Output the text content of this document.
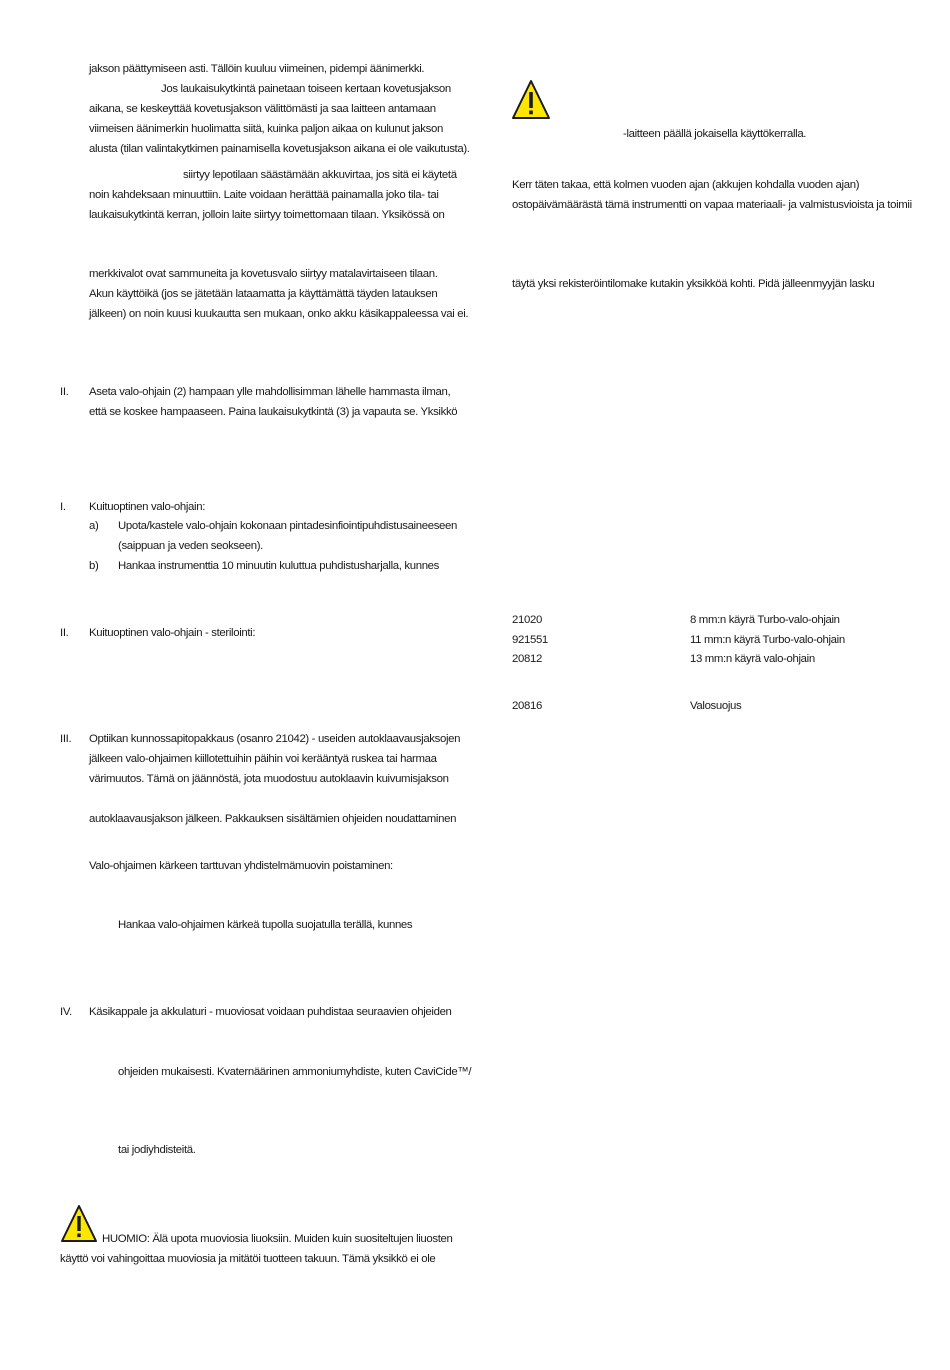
jakson päättymiseen asti. Tällöin kuuluu viimeinen, pidempi äänimerkki.
Jos laukaisukytkintä painetaan toiseen kertaan kovetusjakson
aikana, se keskeyttää kovetusjakson välittömästi ja saa laitteen antamaan
viimeisen äänimerkin huolimatta siitä, kuinka paljon aikaa on kulunut jakson
alusta (tilan valintakytkimen painamisella kovetusjakson aikana ei ole vaikutusta).
siirtyy lepotilaan säästämään akkuvirtaa, jos sitä ei käytetä
noin kahdeksaan minuuttiin. Laite voidaan herättää painamalla joko tila- tai
laukaisukytkintä kerran, jolloin laite siirtyy toimettomaan tilaan. Yksikössä on
merkkivalot ovat sammuneita ja kovetusvalo siirtyy matalavirtaiseen tilaan.
Akun käyttöikä (jos se jätetään lataamatta ja käyttämättä täyden latauksen
jälkeen) on noin kuusi kuukautta sen mukaan, onko akku käsikappaleessa vai ei.
II. Aseta valo-ohjain (2) hampaan ylle mahdollisimman lähelle hammasta ilman,
että se koskee hampaaseen. Paina laukaisukytkintä (3) ja vapauta se. Yksikkö
I. Kuituoptinen valo-ohjain:
a) Upota/kastele valo-ohjain kokonaan pintadesinfiointipuhdistusaineeseen
(saippuan ja veden seokseen).
b) Hankaa instrumenttia 10 minuutin kuluttua puhdistusharjalla, kunnes
II. Kuituoptinen valo-ohjain - sterilointi:
III. Optiikan kunnossapitopakkaus (osanro 21042) - useiden autoklaavausjaksojen
jälkeen valo-ohjaimen kiillotettuihin päihin voi kerääntyä ruskea tai harmaa
värimuutos. Tämä on jäännöstä, jota muodostuu autoklaavin kuivumisjakson
autoklaavausjakson jälkeen. Pakkauksen sisältämien ohjeiden noudattaminen
Valo-ohjaimen kärkeen tarttuvan yhdistelmämuovin poistaminen:
Hankaa valo-ohjaimen kärkeä tupolla suojatulla terällä, kunnes
IV. Käsikappale ja akkulaturi - muoviosat voidaan puhdistaa seuraavien ohjeiden
ohjeiden mukaisesti. Kvaternäärinen ammoniumyhdiste, kuten CaviCide™/
tai jodiyhdisteitä.
HUOMIO: Älä upota muoviosia liuoksiin. Muiden kuin suositeltujen liuosten
käyttö voi vahingoittaa muoviosia ja mitätöi tuotteen takuun. Tämä yksikkö ei ole
-laitteen päällä jokaisella käyttökerralla.
Kerr täten takaa, että kolmen vuoden ajan (akkujen kohdalla vuoden ajan)
ostopäivämäärästä tämä instrumentti on vapaa materiaali- ja valmistusvioista ja toimii
täytä yksi rekisteröintilomake kutakin yksikköä kohti. Pidä jälleenmyyjän lasku
21020	8 mm:n käyrä Turbo-valo-ohjain
921551	11 mm:n käyrä Turbo-valo-ohjain
20812	13 mm:n käyrä valo-ohjain
20816	Valosuojus
